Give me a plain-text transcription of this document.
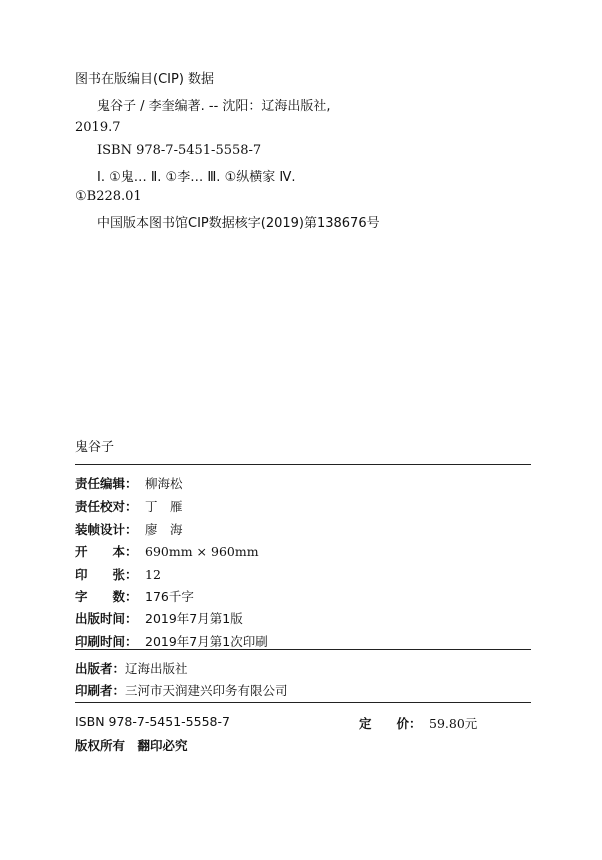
图书在版编目(CIP) 数据
鬼谷子 / 李奎编著. -- 沈阳：辽海出版社,
2019.7
ISBN 978-7-5451-5558-7
Ⅰ. ①鬼… Ⅱ. ①李… Ⅲ. ①纵横家 Ⅳ.
①B228.01
中国版本图书馆CIP数据核字(2019)第138676号
鬼谷子
责任编辑： 柳海松
责任校对： 丁　雁
装帧设计： 廖　海
开　　本： 690mm × 960mm
印　　张： 12
字　　数： 176千字
出版时间： 2019年7月第1版
印刷时间： 2019年7月第1次印刷
出版者：辽海出版社
印刷者：三河市天润建兴印务有限公司
ISBN 978-7-5451-5558-7	定　　价： 59.80元
版权所有　翻印必究
